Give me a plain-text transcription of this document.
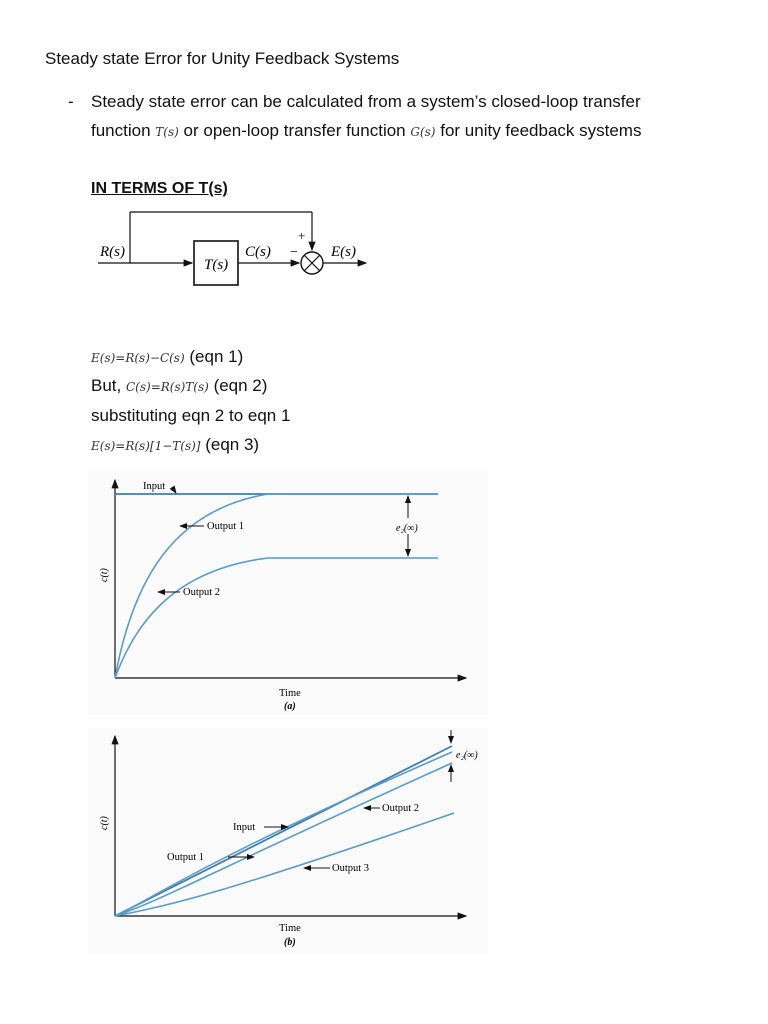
Steady state Error for Unity Feedback Systems
- Steady state error can be calculated from a system’s closed-loop transfer
function T(s) or open-loop transfer function G(s) for unity feedback systems
IN TERMS OF T(s)
R(s)
T(s)
C(s) −
+
E(s)
E(s)=R(s)−C(s) (eqn 1)
But, C(s)=R(s)T(s) (eqn 2)
substituting eqn 2 to eqn 1
E(s)=R(s)[1−T(s)] (eqn 3)
Input
Output 1
Output 2
e₂(∞)
c(t)
Time
(a)
Input
Output 1
Output 2
Output 3
e₂(∞)
c(t)
Time
(b)
